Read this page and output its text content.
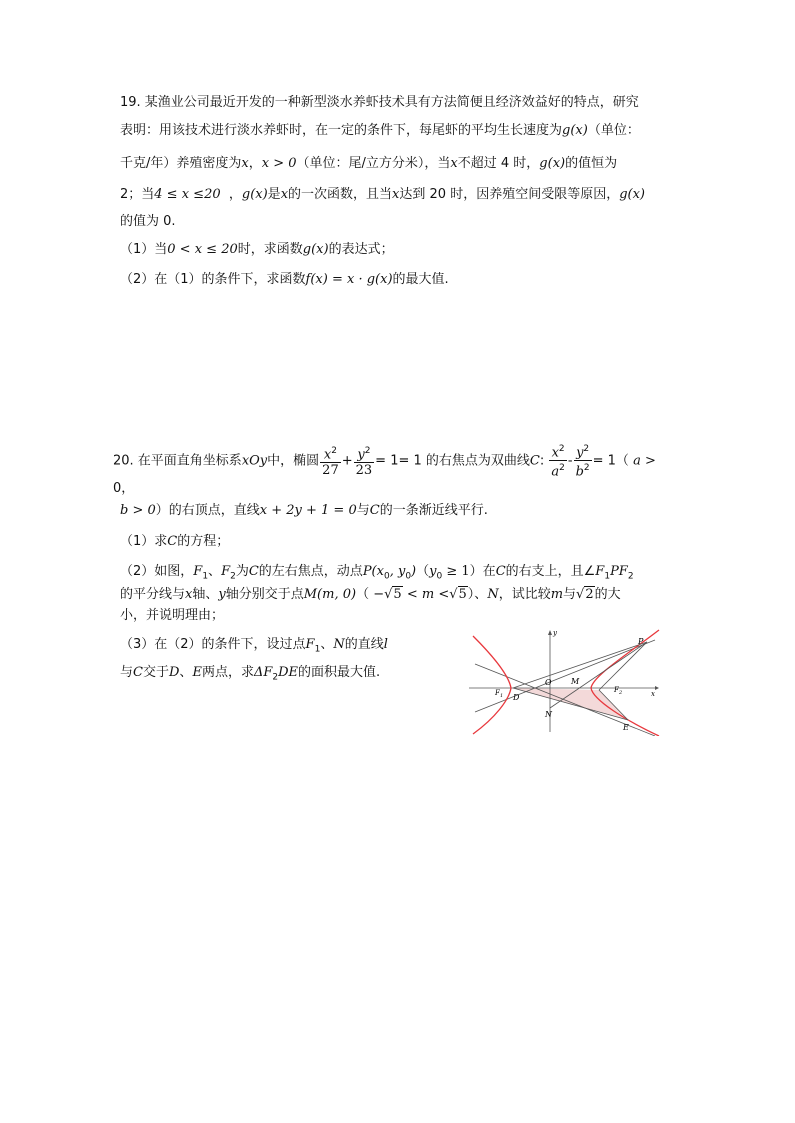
19. 某渔业公司最近开发的一种新型淡水养虾技术具有方法简便且经济效益好的特点，研究
表明：用该技术进行淡水养虾时，在一定的条件下，每尾虾的平均生长速度为g(x)（单位：
千克/年）养殖密度为x，x > 0（单位：尾/立方分米），当x不超过 4 时，g(x)的值恒为
2；当4 ≤ x ≤20  ，g(x)是x的一次函数，且当x达到 20 时，因养殖空间受限等原因，g(x)
的值为 0.
（1）当0 < x ≤ 20时，求函数g(x)的表达式；
（2）在（1）的条件下，求函数f(x) = x · g(x)的最大值.
20. 在平面直角坐标系xOy中，椭圆 $\frac{x^2}{27} + \frac{y^2}{23} = 1= 1$ 的右焦点为双曲线C: $\frac{x^2}{a^2} - \frac{y^2}{b^2} = 1$（ a >
0，
b > 0）的右顶点，直线x + 2y + 1 = 0与C的一条渐近线平行.
（1）求C的方程；
（2）如图，$F_1$、$F_2$为C的左右焦点，动点$P(x_0$, $y_0)(y_0 \ge 1)$在C的右支上，且$\angle F_1PF_2$
的平分线与x轴、y轴分别交于点M(m, 0)（ −√5 < m <√5）、N，试比较m与√2的大
小，并说明理由；
（3）在（2）的条件下，设过点$F_1$、N的直线l
与C交于D、E两点，求$\Delta F_2DE$的面积最大值.
P
y
x
O M
F 1
F 2
D
N
E
